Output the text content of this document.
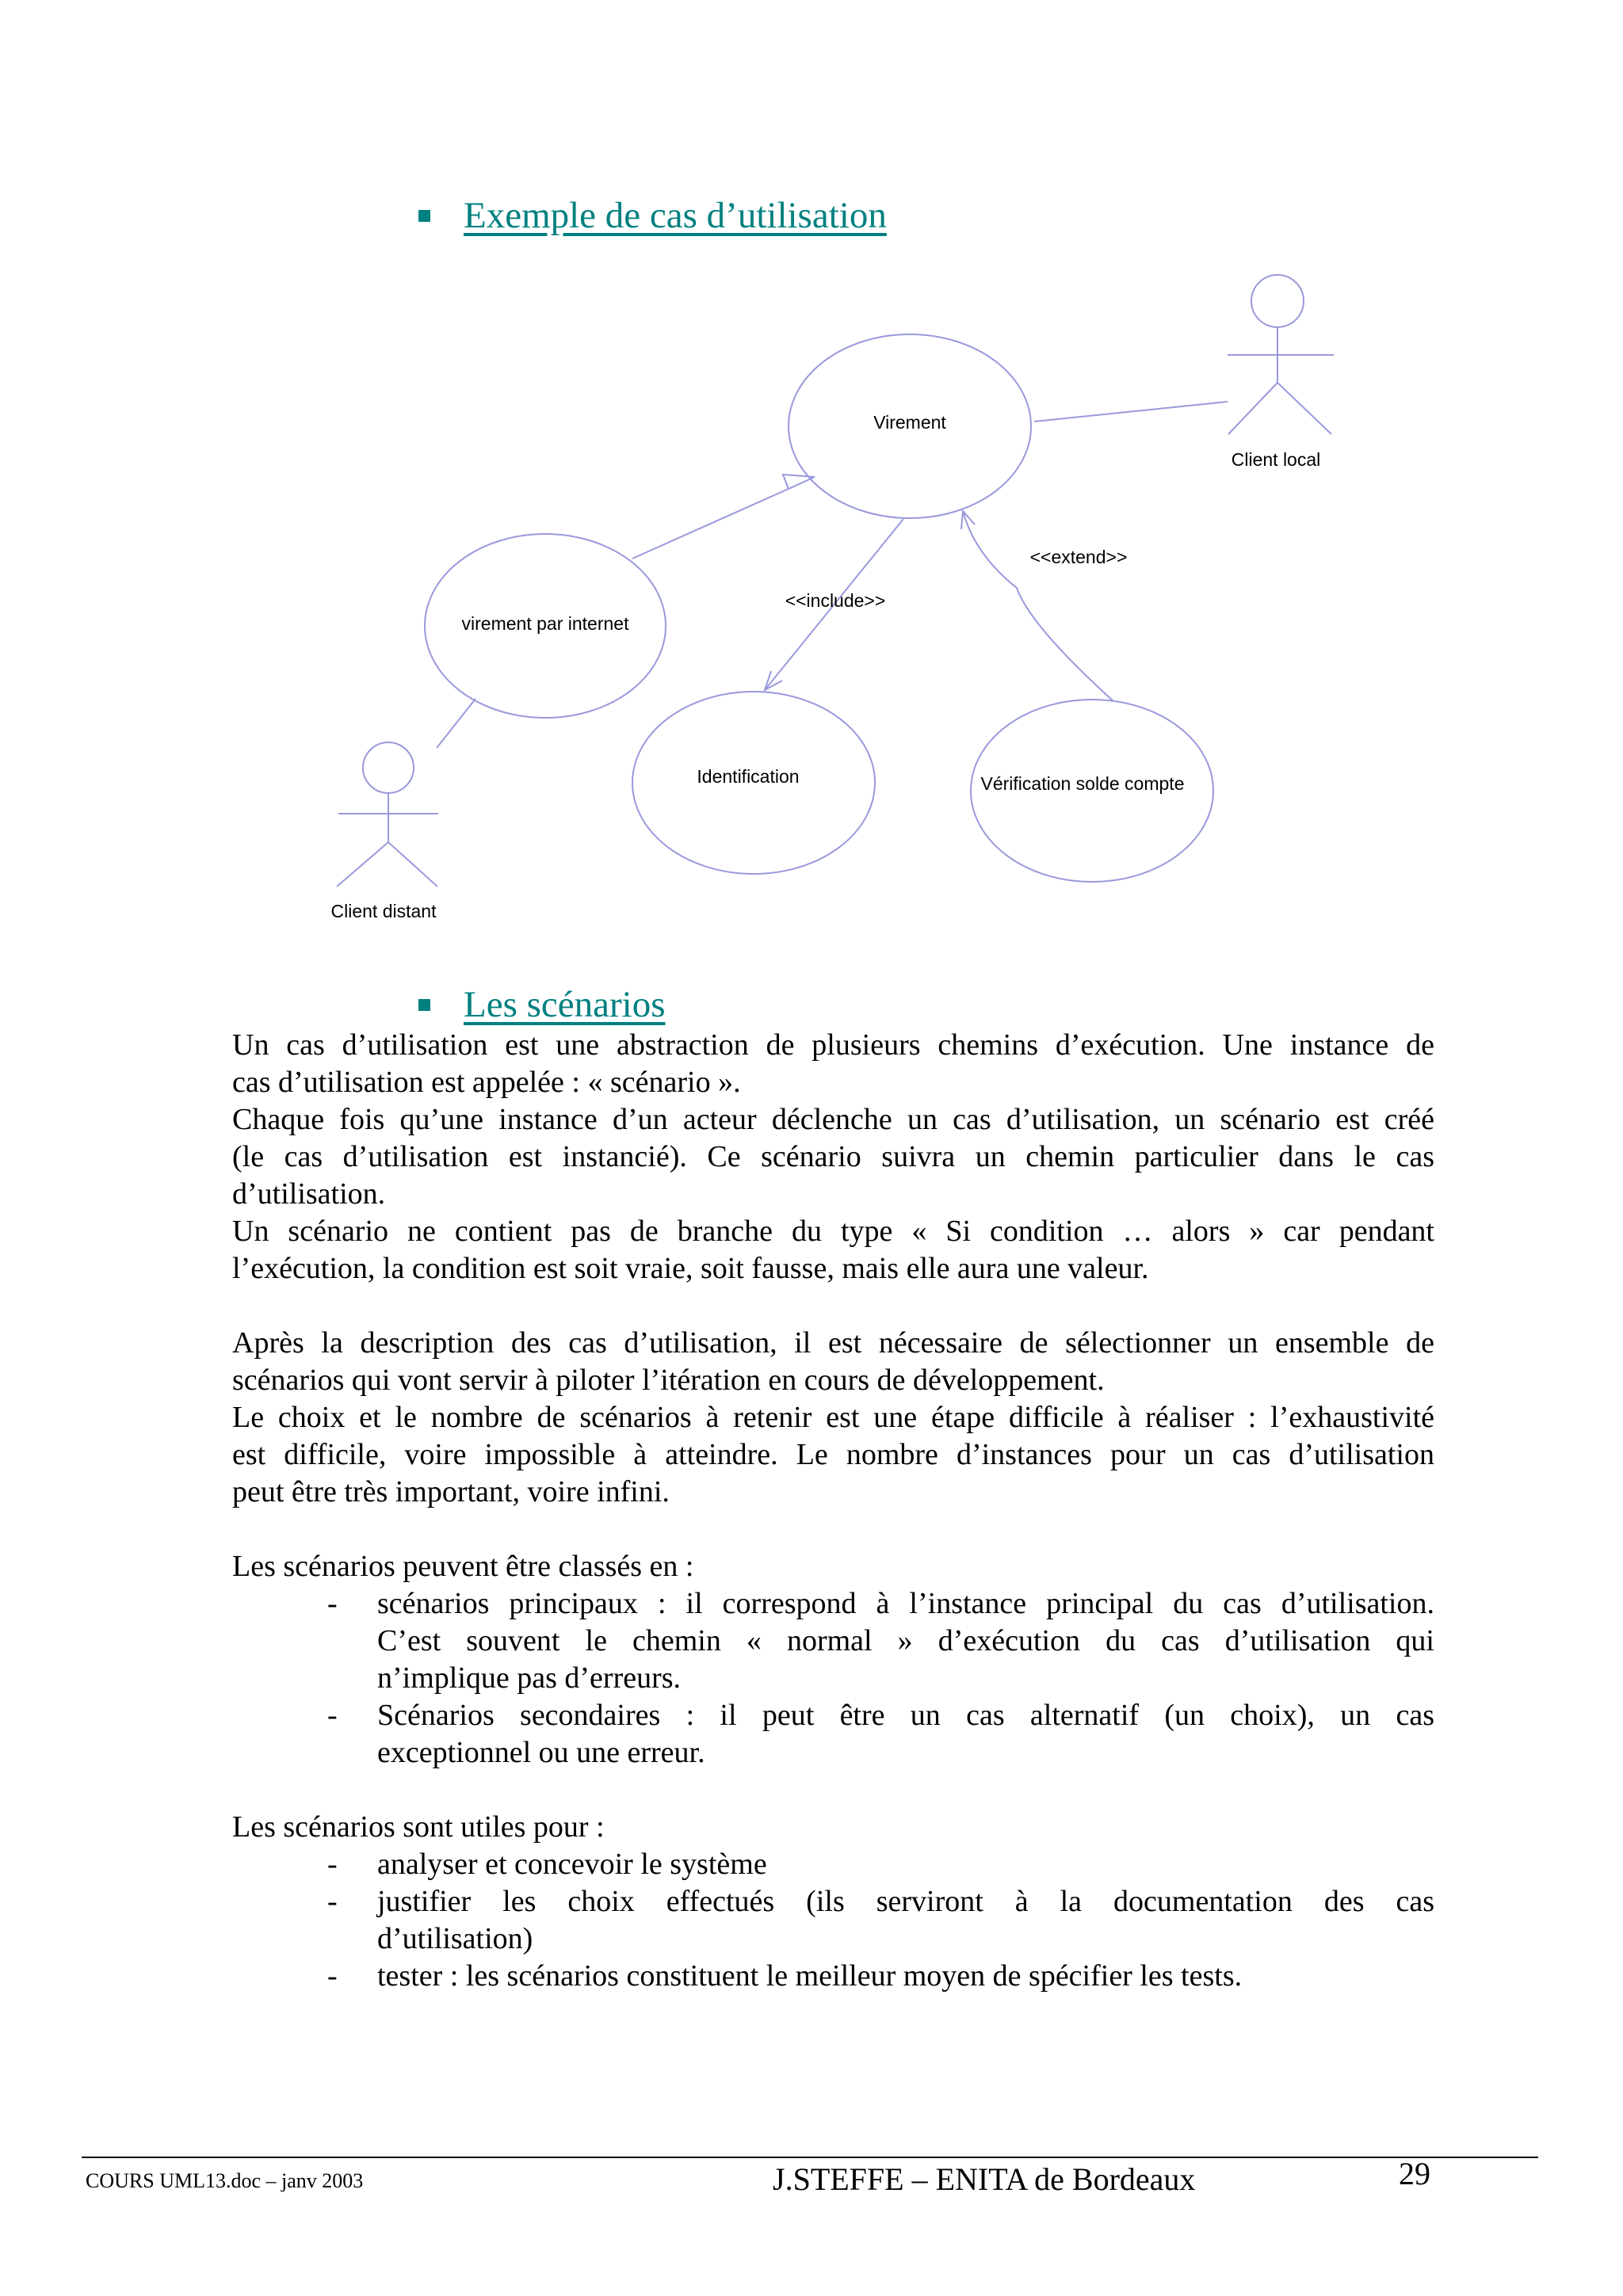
Exemple de cas d’utilisation
Virement
virement par internet
Identification	Vérification solde compte
Client local
Client distant
<<include>>
<<extend>>
Les scénarios

Un cas d’utilisation est une abstraction de plusieurs chemins d’exécution. Une instance de

cas d’utilisation est appelée : « scénario ».

Chaque fois qu’une instance d’un acteur déclenche un cas d’utilisation, un scénario est créé

(le cas d’utilisation est instancié). Ce scénario suivra un chemin particulier dans le cas

d’utilisation.

Un scénario ne contient pas de branche du type « Si condition … alors » car pendant

l’exécution, la condition est soit vraie, soit fausse, mais elle aura une valeur.

Après la description des cas d’utilisation, il est nécessaire de sélectionner un ensemble de

scénarios qui vont servir à piloter l’itération en cours de développement.

Le choix et le nombre de scénarios à retenir est une étape difficile à réaliser : l’exhaustivité

est difficile, voire impossible à atteindre. Le nombre d’instances pour un cas d’utilisation

peut être très important, voire infini.

Les scénarios peuvent être classés en :

- scénarios principaux : il correspond à l’instance principal du cas d’utilisation.
C’est souvent le chemin « normal » d’exécution du cas d’utilisation qui
n’implique pas d’erreurs.
- Scénarios secondaires : il peut être un cas alternatif (un choix), un cas
exceptionnel ou une erreur.

Les scénarios sont utiles pour :

- analyser et concevoir le système
- justifier les choix effectués (ils serviront à la documentation des cas
d’utilisation)
- tester : les scénarios constituent le meilleur moyen de spécifier les tests.
COURS UML13.doc – janv 2003	J.STEFFE – ENITA de Bordeaux	29
